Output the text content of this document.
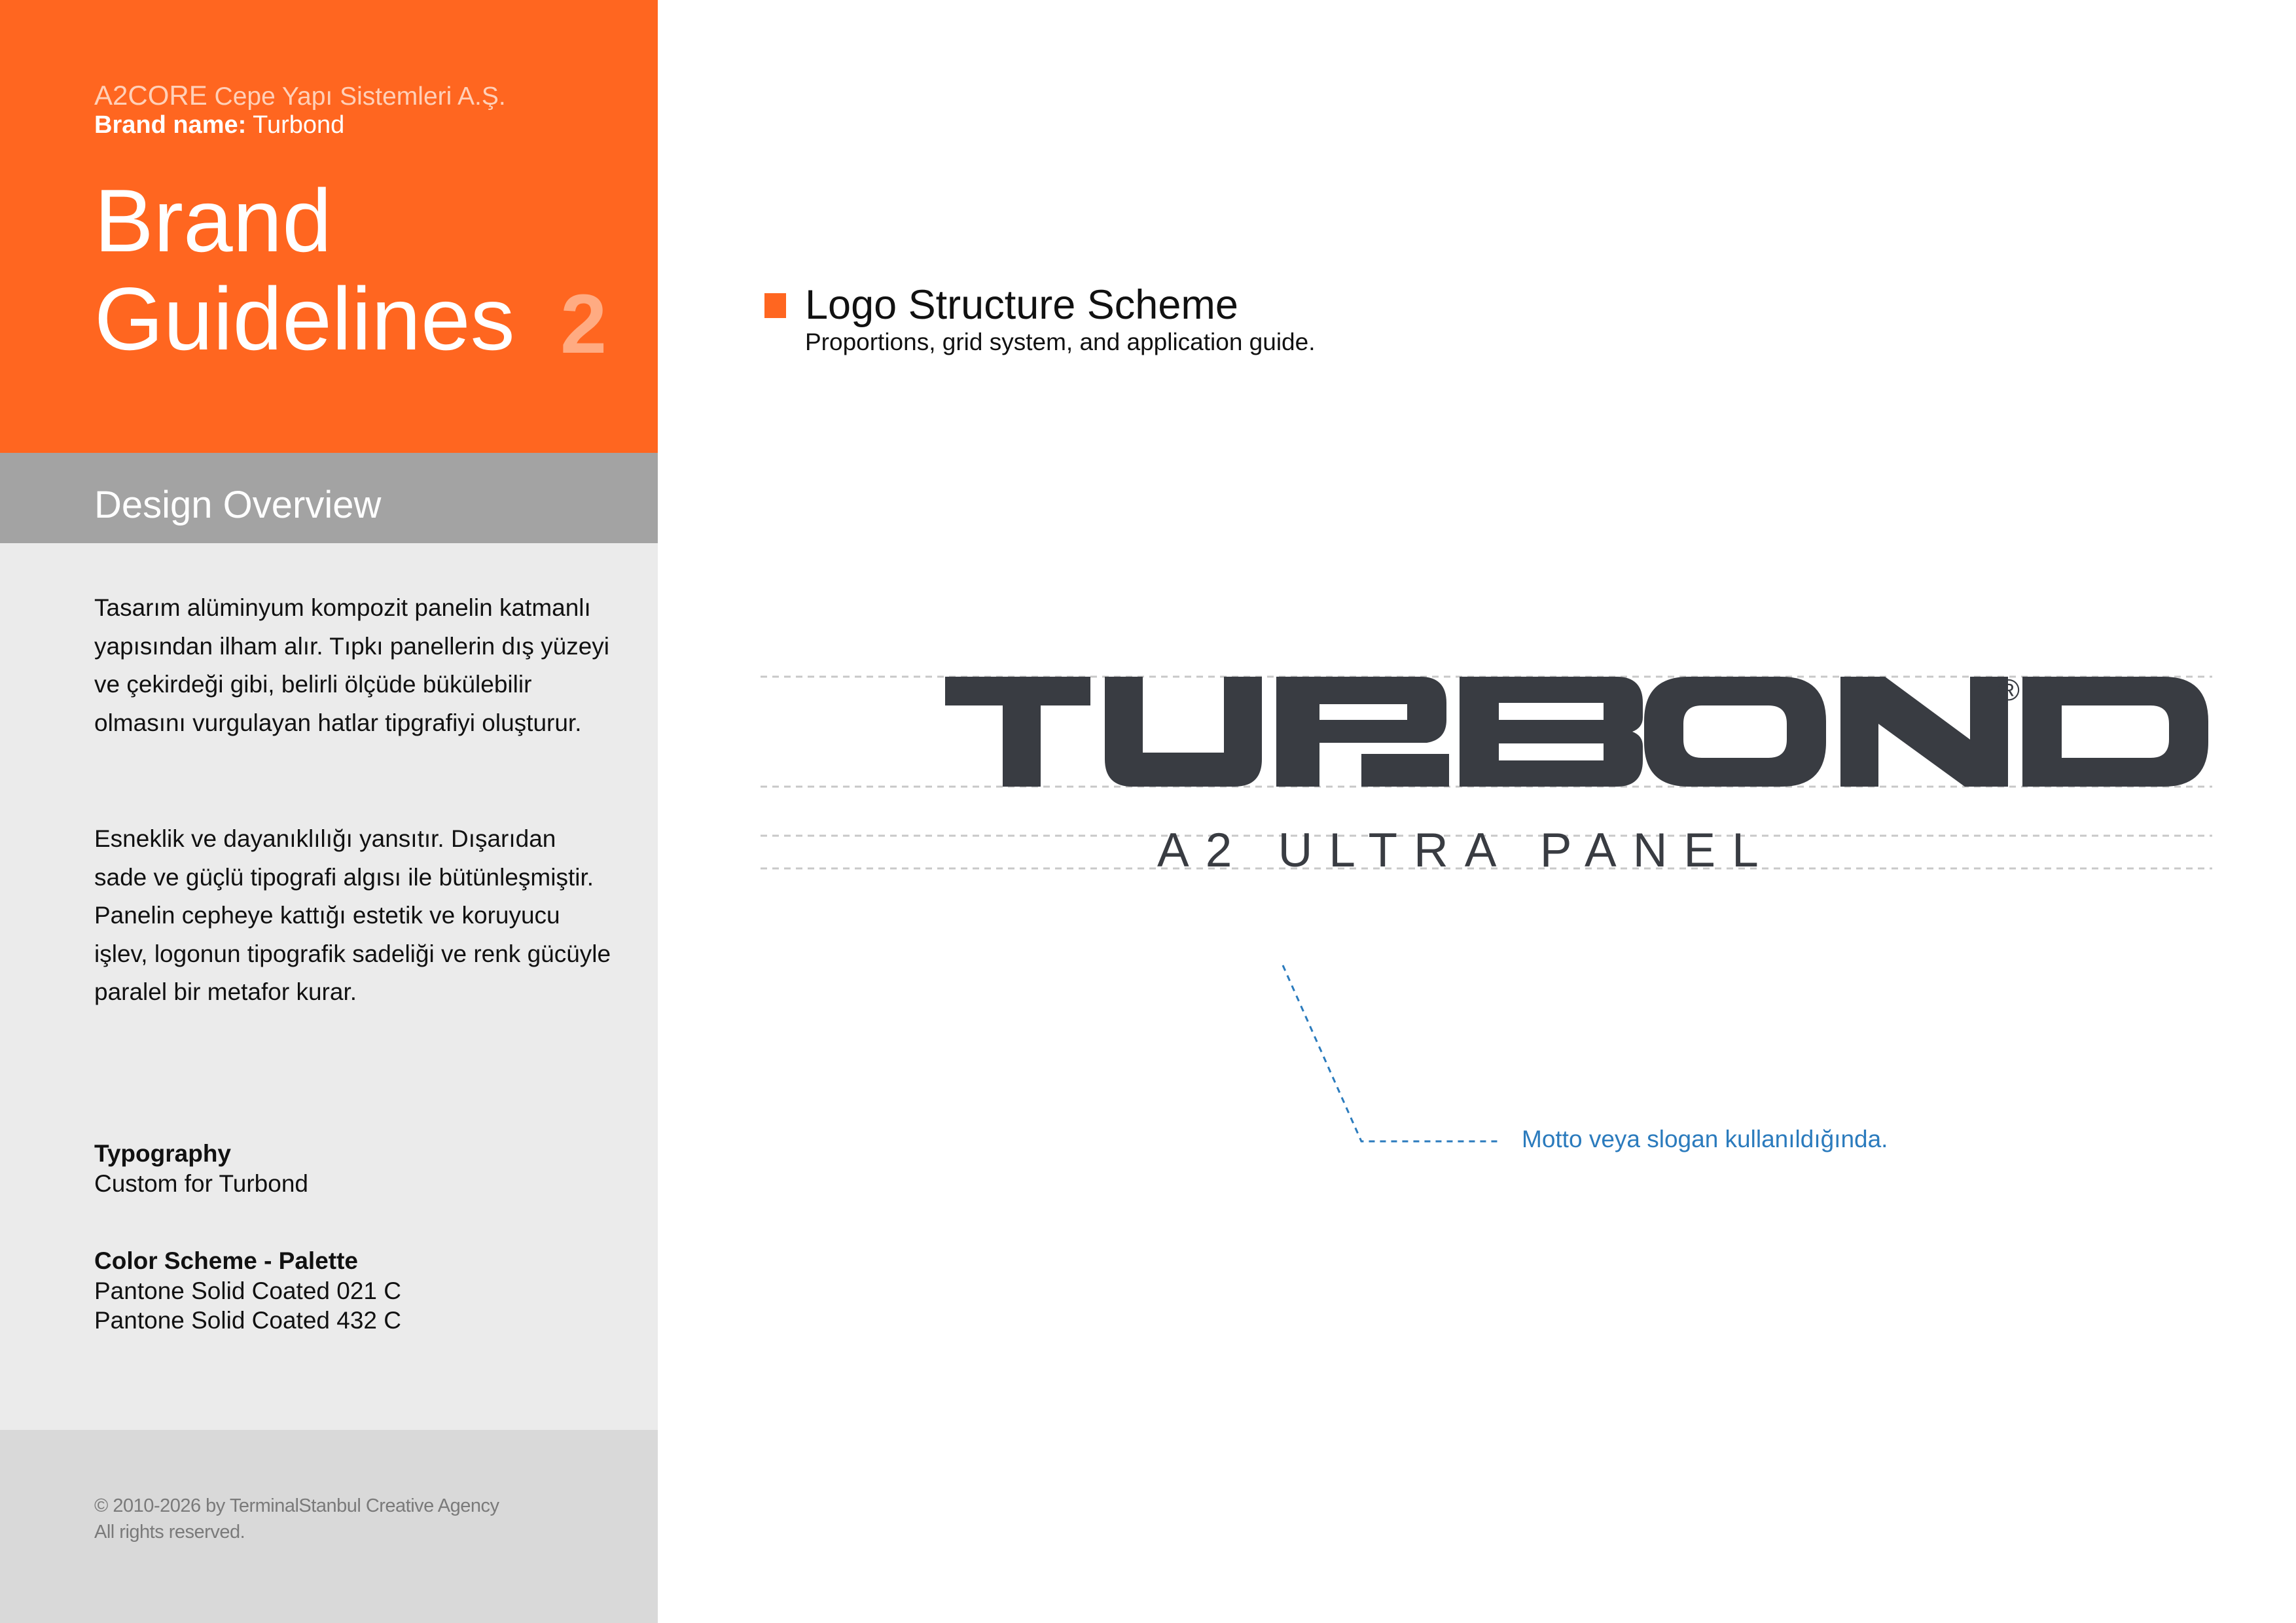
A2CORE Cepe Yapı Sistemleri A.Ş.
Brand name: Turbond
Brand
Guidelines 2
Design Overview
Tasarım alüminyum kompozit panelin katmanlı yapısından ilham alır. Tıpkı panellerin dış yüzeyi ve çekirdeği gibi, belirli ölçüde bükülebilir olmasını vurgulayan hatlar tipgrafiyi oluşturur.
Esneklik ve dayanıklılığı yansıtır. Dışarıdan sade ve güçlü tipografi algısı ile bütünleşmiştir. Panelin cepheye kattığı estetik ve koruyucu işlev, logonun tipografik sadeliği ve renk gücüyle paralel bir metafor kurar.
Typography
Custom for Turbond
Color Scheme - Palette
Pantone Solid Coated 021 C
Pantone Solid Coated 432 C
© 2010-2026 by TerminalStanbul Creative Agency
All rights reserved.
Logo Structure Scheme
Proportions, grid system, and application guide.
®
A2 ULTRA PANEL
Motto veya slogan kullanıldığında.
